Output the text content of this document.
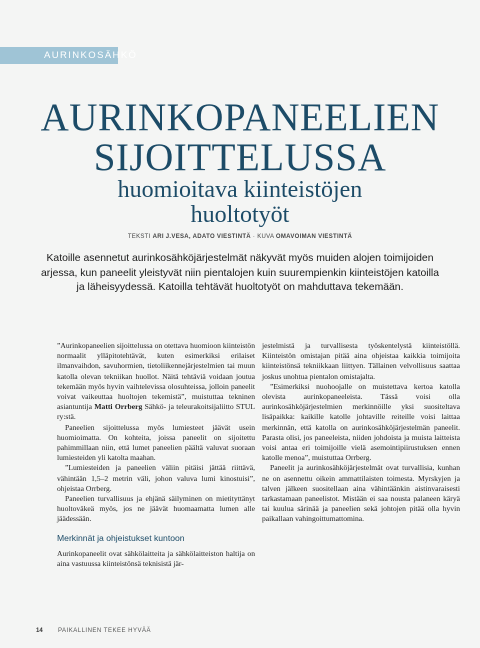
AURINKOSÄHKÖ
AURINKOPANEELIEN
SIJOITTELUSSA
huomioitava kiinteistöjen
huoltotyöt
TEKSTI ARI J.VESA, ADATO VIESTINTÄ · KUVA OMAVOIMAN VIESTINTÄ

Katoille asennetut aurinkosähköjärjestelmät näkyvät myös muiden alojen toimijoiden arjessa, kun paneelit yleistyvät niin pientalojen kuin suurempienkin kiinteistöjen katoilla ja läheisyydessä. Katoilla tehtävät huoltotyöt on mahduttava tekemään.

”Aurinkopaneelien sijoittelussa on otettava huomioon kiinteistön normaalit ylläpitotehtävät, kuten esimerkiksi erilaiset ilmanvaihdon, savuhormien, tietoliikennejärjestelmien tai muun katolla olevan tekniikan huollot. Näitä tehtäviä voidaan joutua tekemään myös hyvin vaihtelevissa olosuhteissa, jolloin paneelit voivat vaikeuttaa huoltojen tekemistä”, muistuttaa tekninen asiantuntija Matti Orrberg Sähkö- ja teleurakoitsijaliitto STUL ry:stä.

Paneelien sijoittelussa myös lumiesteet jäävät usein huomioimatta. On kohteita, joissa paneelit on sijoitettu pahimmillaan niin, että lumet paneelien päältä valuvat suoraan lumiesteiden yli katolta maahan.

”Lumiesteiden ja paneelien väliin pitäisi jättää riittävä, vähintään 1,5–2 metrin väli, johon valuva lumi kinostuisi”, ohjeistaa Orrberg.

Paneelien turvallisuus ja ehjänä säilyminen on mietityttänyt huoltoväkeä myös, jos ne jäävät huomaamatta lumen alle jäädessään.

Merkinnät ja ohjeistukset kuntoon

Aurinkopaneelit ovat sähkölaitteita ja sähkölaitteiston haltija on aina vastuussa kiinteistönsä teknisistä jär-

jestelmistä ja turvallisesta työskentelystä kiinteistöllä. Kiinteistön omistajan pitää aina ohjeistaa kaikkia toimijoita kiinteistönsä tekniikkaan liittyen. Tällainen velvollisuus saattaa joskus unohtua pientalon omistajalta.

”Esimerkiksi nuohoojalle on muistettava kertoa katolla olevista aurinkopaneeleista. Tässä voisi olla aurinkosähköjärjestelmien merkinnöille yksi suositeltava lisäpaikka: kaikille katolle johtaville reiteille voisi laittaa merkinnän, että katolla on aurinkosähköjärjestelmän paneelit. Parasta olisi, jos paneeleista, niiden johdoista ja muista laitteista voisi antaa eri toimijoille vielä asemointipiirustuksen ennen katolle menoa”, muistuttaa Orrberg.

Paneelit ja aurinkosähköjärjestelmät ovat turvallisia, kunhan ne on asennettu oikein ammattilaisten toimesta. Myrskyjen ja talven jälkeen suositellaan aina vähintäänkin aistinvaraisesti tarkastamaan paneelistot. Mistään ei saa nousta palaneen käryä tai kuulua särinää ja paneelien sekä johtojen pitää olla hyvin paikallaan vahingoittumattomina.

14	PAIKALLINEN TEKEE HYVÄÄ
